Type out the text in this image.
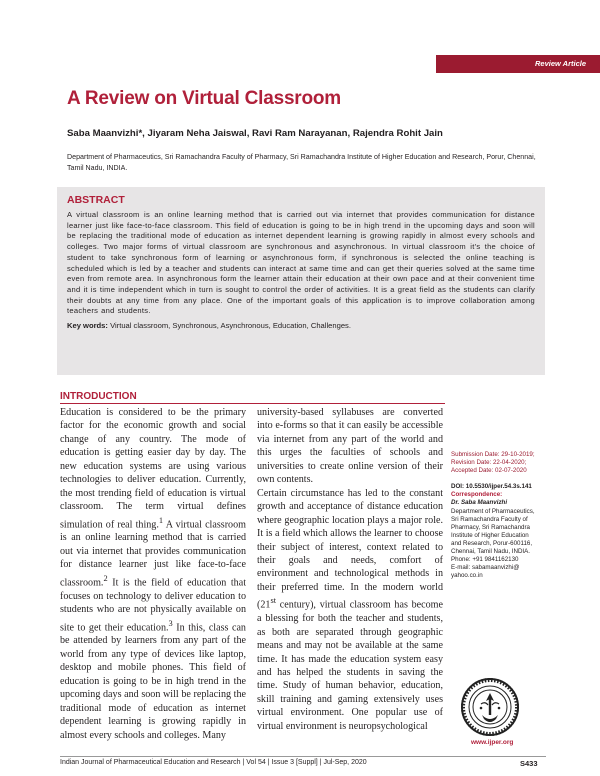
Review Article
A Review on Virtual Classroom
Saba Maanvizhi*, Jiyaram Neha Jaiswal, Ravi Ram Narayanan, Rajendra Rohit Jain
Department of Pharmaceutics, Sri Ramachandra Faculty of Pharmacy, Sri Ramachandra Institute of Higher Education and Research, Porur, Chennai, Tamil Nadu, INDIA.
ABSTRACT
A virtual classroom is an online learning method that is carried out via internet that provides communication for distance learner just like face-to-face classroom. This field of education is going to be in high trend in the upcoming days and soon will be replacing the traditional mode of education as internet dependent learning is growing rapidly in almost every schools and colleges. Two major forms of virtual classroom are synchronous and asynchronous. In virtual classroom it's the choice of student to take synchronous form of learning or asynchronous form, if synchronous is selected the online teaching is scheduled which is led by a teacher and students can interact at same time and can get their queries solved at the same time even from remote area. In asynchronous form the learner attain their education at their own pace and at their convenient time and it is time independent which in turn is sought to control the order of activities. It is a great field as the students can clarify their doubts at any time from any place. One of the important goals of this application is to improve collaboration among teachers and students.
Key words: Virtual classroom, Synchronous, Asynchronous, Education, Challenges.
INTRODUCTION

Education is considered to be the primary factor for the economic growth and social change of any country. The mode of education is getting easier day by day. The new education systems are using various technologies to deliver education. Currently, the most trending field of education is virtual classroom. The term virtual defines simulation of real thing.$^1$ A virtual classroom is an online learning method that is carried out via internet that provides communication for distance learner just like face-to-face classroom.$^2$ It is the field of education that focuses on technology to deliver education to students who are not physically available on site to get their education.$^3$ In this, class can be attended by learners from any part of the world from any type of devices like laptop, desktop and mobile phones. This field of education is going to be in high trend in the upcoming days and soon will be replacing the traditional mode of education as internet dependent learning is growing rapidly in almost every schools and colleges. Many

university-based syllabuses are converted into e-forms so that it can easily be accessible via internet from any part of the world and this urges the faculties of schools and universities to create online version of their own contents.

Certain circumstance has led to the constant growth and acceptance of distance education where geographic location plays a major role. It is a field which allows the learner to choose their subject of interest, context related to their goals and needs, comfort of environment and technological methods in their preferred time. In the modern world (21st century), virtual classroom has become a blessing for both the teacher and students, as both are separated through geographic means and may not be available at the same time. It has made the education system easy and has helped the students in saving the time. Study of human behavior, education, skill training and gaming extensively uses virtual environment. One popular use of virtual environment is neuropsychological

Submission Date: 29-10-2019;
Revision Date: 22-04-2020;
Accepted Date: 02-07-2020
DOI: 10.5530/ijper.54.3s.141
Correspondence:
Dr. Saba Maanvizhi
Department of Pharmaceutics,
Sri Ramachandra Faculty of
Pharmacy, Sri Ramachandra
Institute of Higher Education
and Research, Porur-600116,
Chennai, Tamil Nadu, INDIA.
Phone: +91 9841162130
E-mail: sabamaanvizhi@
yahoo.co.in
www.ijper.org
Indian Journal of Pharmaceutical Education and Research | Vol 54 | Issue 3 [Suppl] | Jul-Sep, 2020	S433
